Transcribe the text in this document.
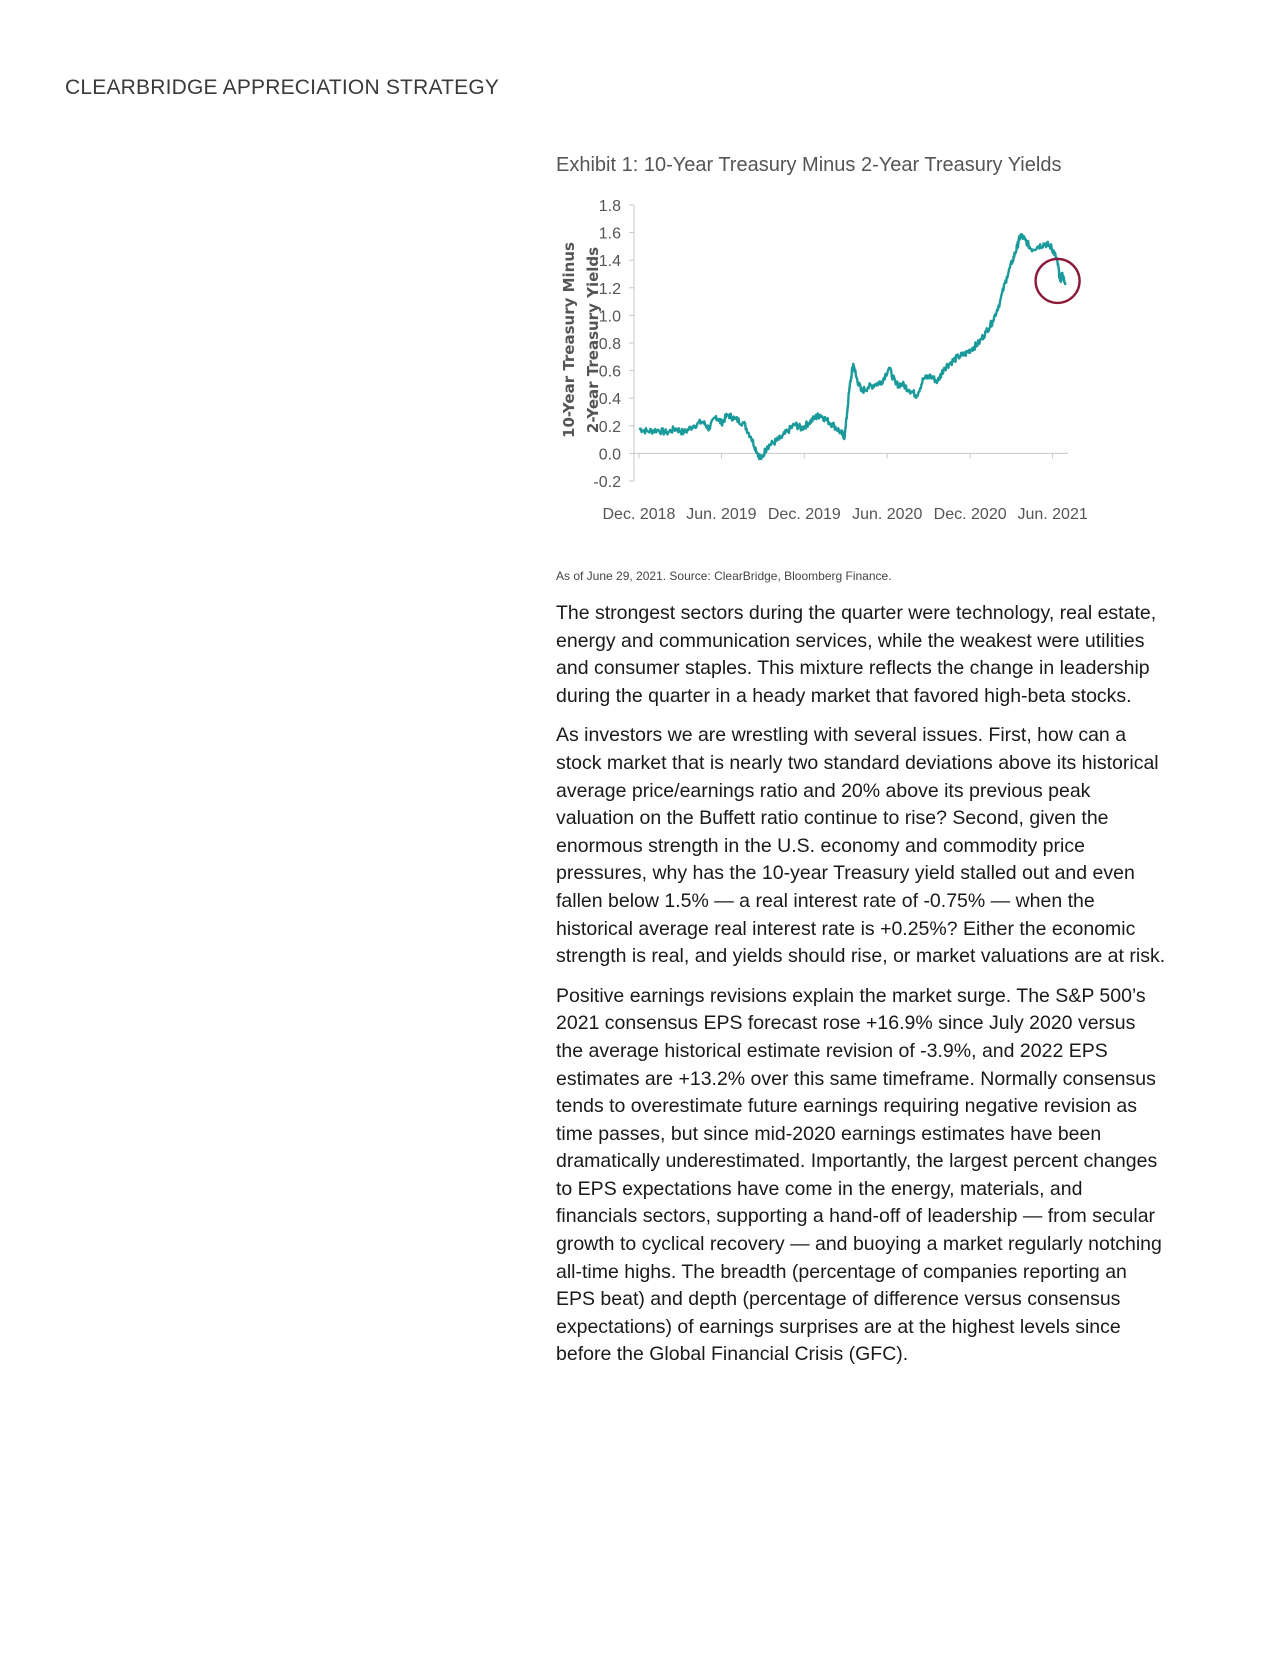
CLEARBRIDGE APPRECIATION STRATEGY
Exhibit 1: 10-Year Treasury Minus 2-Year Treasury Yields
10-Year Treasury Minus 2-Year Treasury Yields
1.8
1.6
1.4
1.2
1.0
0.8
0.6
0.4
0.2
0.0
-0.2
Dec. 2018 Jun. 2019 Dec. 2019 Jun. 2020 Dec. 2020 Jun. 2021
As of June 29, 2021. Source: ClearBridge, Bloomberg Finance.

The strongest sectors during the quarter were technology, real estate, energy and communication services, while the weakest were utilities and consumer staples. This mixture reflects the change in leadership during the quarter in a heady market that favored high-beta stocks.

As investors we are wrestling with several issues. First, how can a stock market that is nearly two standard deviations above its historical average price/earnings ratio and 20% above its previous peak valuation on the Buffett ratio continue to rise? Second, given the enormous strength in the U.S. economy and commodity price pressures, why has the 10-year Treasury yield stalled out and even fallen below 1.5% — a real interest rate of -0.75% — when the historical average real interest rate is +0.25%? Either the economic strength is real, and yields should rise, or market valuations are at risk.

Positive earnings revisions explain the market surge. The S&P 500’s 2021 consensus EPS forecast rose +16.9% since July 2020 versus the average historical estimate revision of -3.9%, and 2022 EPS estimates are +13.2% over this same timeframe. Normally consensus tends to overestimate future earnings requiring negative revision as time passes, but since mid-2020 earnings estimates have been dramatically underestimated. Importantly, the largest percent changes to EPS expectations have come in the energy, materials, and financials sectors, supporting a hand-off of leadership — from secular growth to cyclical recovery — and buoying a market regularly notching all-time highs. The breadth (percentage of companies reporting an EPS beat) and depth (percentage of difference versus consensus expectations) of earnings surprises are at the highest levels since before the Global Financial Crisis (GFC).
